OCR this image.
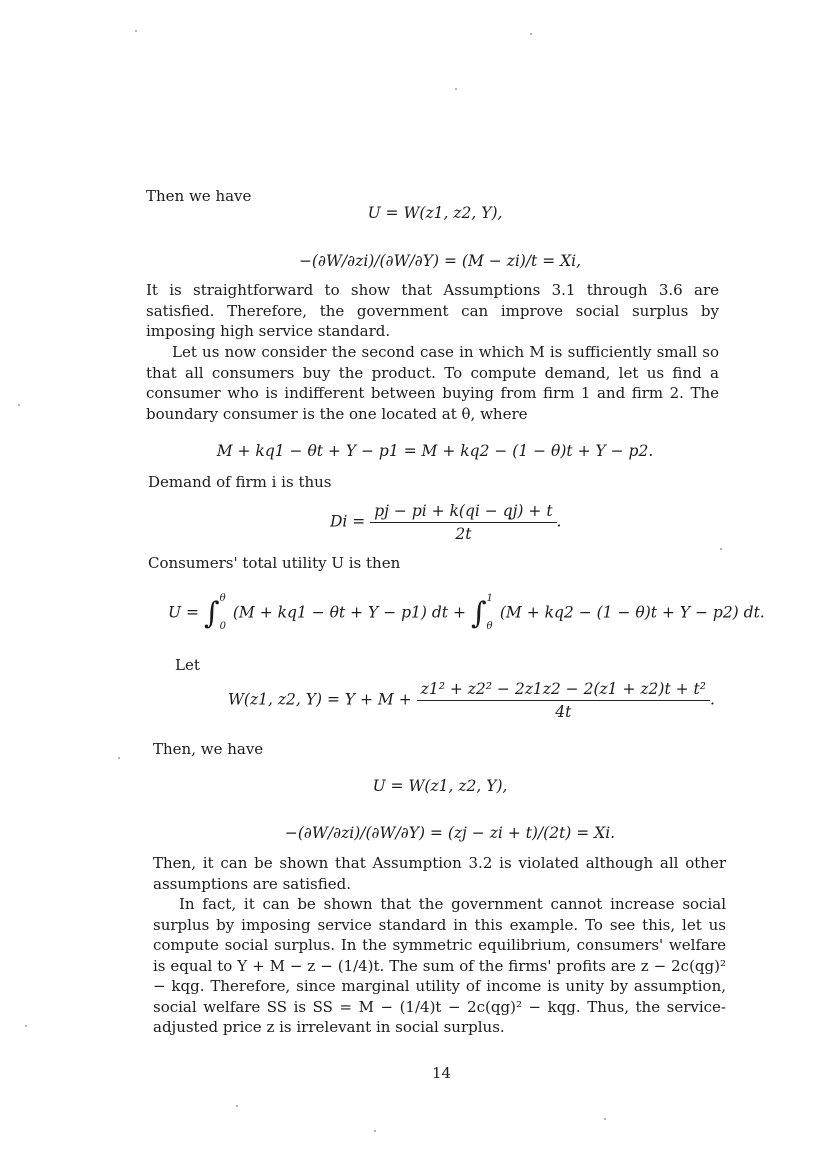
Then we have
U = W(z1, z2, Y),
−(∂W/∂zi)/(∂W/∂Y) = (M − zi)/t = Xi,
It is straightforward to show that Assumptions 3.1 through 3.6 are satisfied. Therefore, the government can improve social surplus by imposing high service standard.
Let us now consider the second case in which M is sufficiently small so that all consumers buy the product. To compute demand, let us find a consumer who is indifferent between buying from firm 1 and firm 2. The boundary consumer is the one located at θ, where
M + kq1 − θt + Y − p1 = M + kq2 − (1 − θ)t + Y − p2.
Demand of firm i is thus
$Di = \frac{pj - pi + k(qi - qj) + t}{2t}$ .
Consumers' total utility U is then
U = ∫ θ
0
(M + kq1 − θt + Y − p1) dt + ∫ 1
θ
(M + kq2 − (1 − θ)t + Y − p2) dt.
Let
W(z1, z2, $Y) = Y + M + \frac{\text{z1² + z2² − 2z1z2 − 2(z1 + z2)t + t²}}{4t}$ .
Then, we have
U = W(z1, z2, Y),
−(∂W/∂zi)/(∂W/∂Y) = (zj − zi + t)/(2t) = Xi.
Then, it can be shown that Assumption 3.2 is violated although all other assumptions are satisfied.
In fact, it can be shown that the government cannot increase social surplus by imposing service standard in this example. To see this, let us compute social surplus. In the symmetric equilibrium, consumers' welfare is equal to Y + M − z − (1/4)t. The sum of the firms' profits are z − 2c(qg)² − kqg. Therefore, since marginal utility of income is unity by assumption, social welfare SS is SS = M − (1/4)t − 2c(qg)² − kqg. Thus, the service-adjusted price z is irrelevant in social surplus.
14
